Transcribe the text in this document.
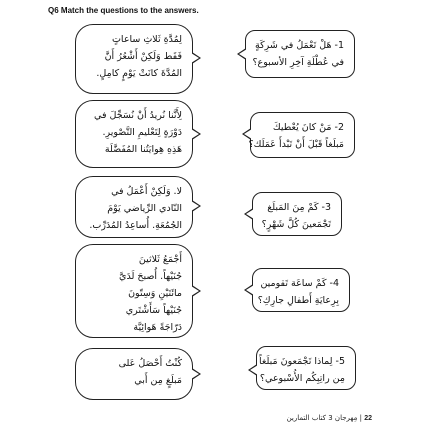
Q6 Match the questions to the answers.
لِمُدَّةِ ثَلاثِ ساعاتٍ
فَقَط وَلَكِنْ أَشْعُرُ أَنَّ
المُدَّةَ كانَتْ يَوْمٍ كامِلٍ.
لِأَنَّنا نُريدُ أَنْ نُسَجِّلَ في
دَوْرَةٍ لِتَعْليمِ التَّصْويرِ.
هَذِهِ هِوايَتُنا المُفَضَّلَة
لا. وَلَكِنْ أَعْمَلُ في
النّادي الرِّياضي يَوْمَ
الجُمُعَةِ. أُساعِدُ المُدَرِّب.
أَجْمَعُ ثَلاثينَ
جُنَيْهاً. أُصبحَ لَدَيَّ
مائَتَيْنِ وَسِتّونَ
جُنَيْهاً سَأَشْتَري
دَرّاجَةً هَوائِيَّة
كُنْتُ أَحْصَلُ عَلى
مَبلَغٍ مِن أَبي
1- هَلْ تَعْمَلُ في شَرِكَةٍ
في عُطْلَةِ آخِرِ الأسبوع؟
2- مَنْ كانَ يُعْطيكَ
مَبلَغاً قَبْلَ أَنْ تَبْدأَ عَمَلَك؟
3- كَمْ مِنَ المَبلَغ
تَجْمَعينَ كُلَّ شَهْرٍ؟
4- كَمْ ساعَة تَقومين
بِرِعايَةِ أَطفالِ جارِكِ؟
5- لِماذا تَجْمَعونَ مَبلَغاً
مِن راتِبِكُم الأُسْبوعي؟
22 | مِهرجان 3 كتاب التمارين
